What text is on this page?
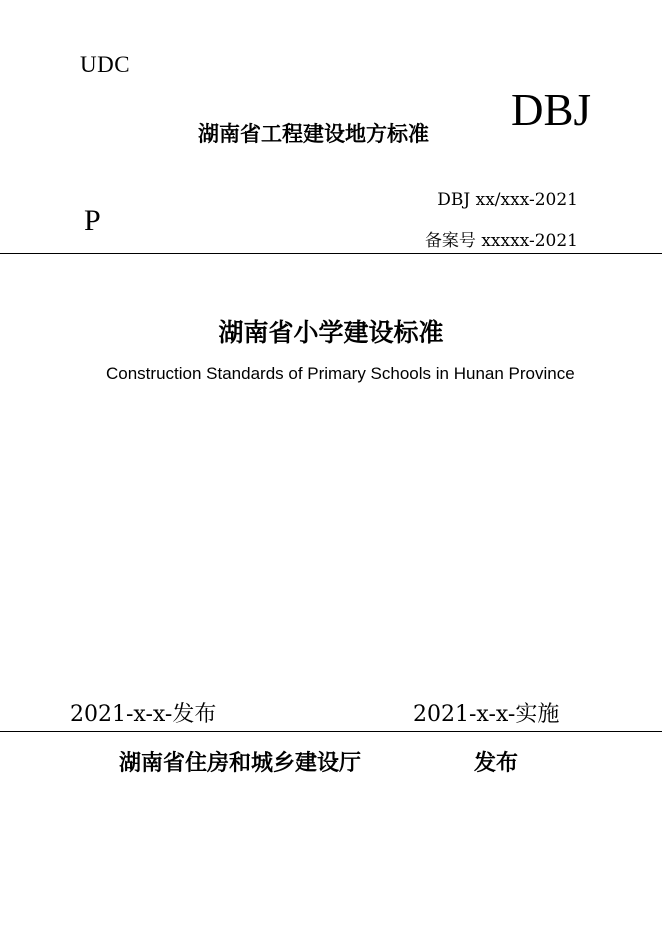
UDC
DBJ
湖南省工程建设地方标准
P
DBJ xx/xxx-2021
备案号 xxxxx-2021
湖南省小学建设标准
Construction Standards of Primary Schools in Hunan Province
2021-x-x-发布	2021-x-x-实施
湖南省住房和城乡建设厅	发布
